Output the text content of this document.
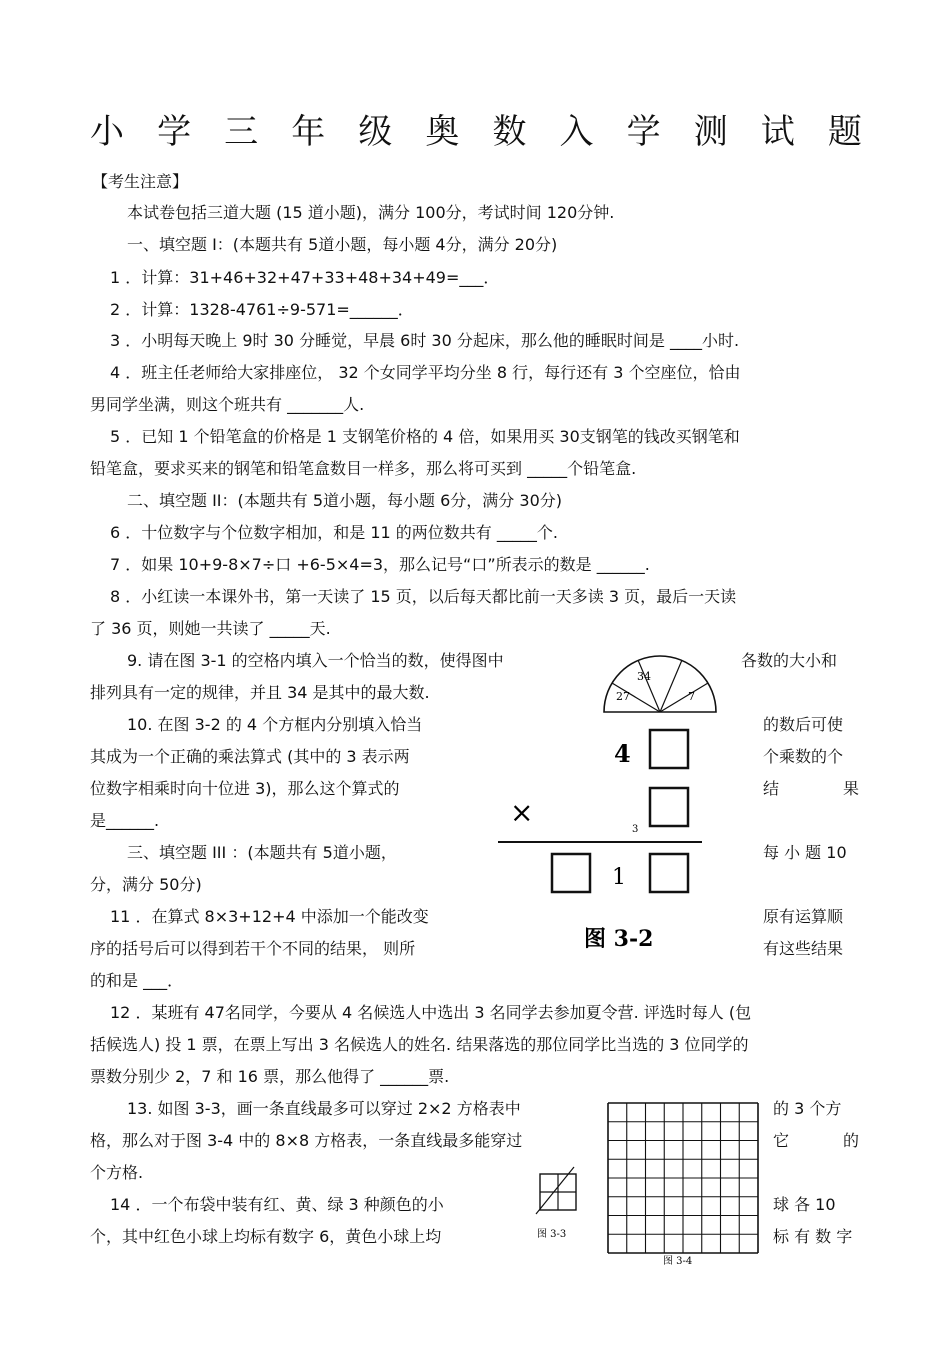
小 学 三 年 级 奥 数 入 学 测 试 题
【考生注意】
本试卷包括三道大题 (15 道小题)，满分 100分，考试时间 120分钟.
一、填空题 I：(本题共有 5道小题，每小题 4分，满分 20分)
1 ．计算：31+46+32+47+33+48+34+49=___．
2 ．计算：1328-4761÷9-571=______．
3 ．小明每天晚上 9时 30 分睡觉，早晨 6时 30 分起床，那么他的睡眠时间是 ____小时.
4 ．班主任老师给大家排座位， 32 个女同学平均分坐 8 行，每行还有 3 个空座位，恰由
男同学坐满，则这个班共有 _______人.
5 ．已知 1 个铅笔盒的价格是 1 支钢笔价格的 4 倍，如果用买 30支钢笔的钱改买钢笔和
铅笔盒，要求买来的钢笔和铅笔盒数目一样多，那么将可买到 _____个铅笔盒.
二、填空题 II：(本题共有 5道小题，每小题 6分，满分 30分)
6 ．十位数字与个位数字相加，和是 11 的两位数共有 _____个.
7 ．如果 10+9-8×7÷口 +6-5×4=3，那么记号“口”所表示的数是 ______.
8 ．小红读一本课外书，第一天读了 15 页，以后每天都比前一天多读 3 页，最后一天读
了 36 页，则她一共读了 _____天.
9. 请在图 3-1 的空格内填入一个恰当的数，使得图中	各数的大小和
排列具有一定的规律，并且 34 是其中的最大数.
10. 在图 3-2 的 4 个方框内分别填入恰当	的数后可使
其成为一个正确的乘法算式 (其中的 3 表示两	个乘数的个
位数字相乘时向十位进 3)，那么这个算式的	结	果
是______.
三、填空题 III ：(本题共有 5道小题，	每 小 题 10
分，满分 50分)
11 ．在算式 8×3+12+4 中添加一个能改变	原有运算顺
序的括号后可以得到若干个不同的结果， 则所	有这些结果
的和是 ___．
12 ．某班有 47名同学，今要从 4 名候选人中选出 3 名同学去参加夏令营. 评选时每人 (包
括候选人) 投 1 票，在票上写出 3 名候选人的姓名. 结果落选的那位同学比当选的 3 位同学的
票数分别少 2，7 和 16 票，那么他得了 ______票.
13. 如图 3-3，画一条直线最多可以穿过 2×2 方格表中	的 3 个方
格，那么对于图 3-4 中的 8×8 方格表，一条直线最多能穿过	它	的
个方格.
14 ．一个布袋中装有红、黄、绿 3 种颜色的小	球 各 10
个，其中红色小球上均标有数字 6，黄色小球上均	标 有 数 字
27
34
7
4
×
3
1
图 3-2
图 3-3
图 3-4
